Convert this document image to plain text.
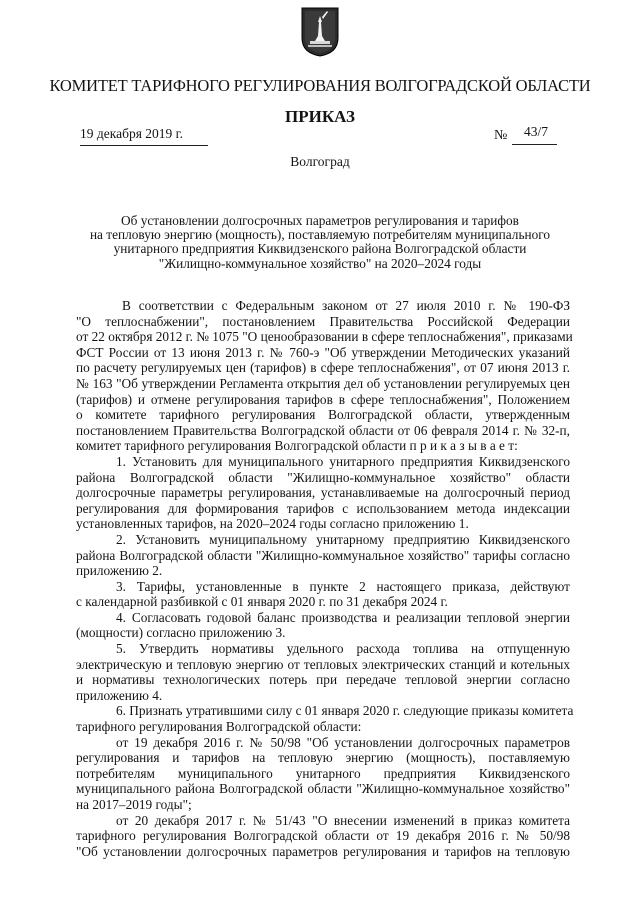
КОМИТЕТ ТАРИФНОГО РЕГУЛИРОВАНИЯ ВОЛГОГРАДСКОЙ ОБЛАСТИ
ПРИКАЗ
19 декабря 2019 г.	№ 43/7
Волгоград
Об установлении долгосрочных параметров регулирования и тарифов
на тепловую энергию (мощность), поставляемую потребителям муниципального
унитарного предприятия Киквидзенского района Волгоградской области
"Жилищно-коммунальное хозяйство" на 2020–2024 годы
В соответствии с Федеральным законом от 27 июля 2010 г. № 190-ФЗ
"О теплоснабжении", постановлением Правительства Российской Федерации
от 22 октября 2012 г. № 1075 "О ценообразовании в сфере теплоснабжения", приказами
ФСТ России от 13 июня 2013 г. № 760-э "Об утверждении Методических указаний
по расчету регулируемых цен (тарифов) в сфере теплоснабжения", от 07 июня 2013 г.
№ 163 "Об утверждении Регламента открытия дел об установлении регулируемых цен
(тарифов) и отмене регулирования тарифов в сфере теплоснабжения", Положением
о комитете тарифного регулирования Волгоградской области, утвержденным
постановлением Правительства Волгоградской области от 06 февраля 2014 г. № 32-п,
комитет тарифного регулирования Волгоградской области п р и к а з ы в а е т:
1. Установить для муниципального унитарного предприятия Киквидзенского
района Волгоградской области "Жилищно-коммунальное хозяйство" области
долгосрочные параметры регулирования, устанавливаемые на долгосрочный период
регулирования для формирования тарифов с использованием метода индексации
установленных тарифов, на 2020–2024 годы согласно приложению 1.
2. Установить муниципальному унитарному предприятию Киквидзенского
района Волгоградской области "Жилищно-коммунальное хозяйство" тарифы согласно
приложению 2.
3. Тарифы, установленные в пункте 2 настоящего приказа, действуют
с календарной разбивкой с 01 января 2020 г. по 31 декабря 2024 г.
4. Согласовать годовой баланс производства и реализации тепловой энергии
(мощности) согласно приложению 3.
5. Утвердить нормативы удельного расхода топлива на отпущенную
электрическую и тепловую энергию от тепловых электрических станций и котельных
и нормативы технологических потерь при передаче тепловой энергии согласно
приложению 4.
6. Признать утратившими силу с 01 января 2020 г. следующие приказы комитета
тарифного регулирования Волгоградской области:
от 19 декабря 2016 г. № 50/98 "Об установлении долгосрочных параметров
регулирования и тарифов на тепловую энергию (мощность), поставляемую
потребителям муниципального унитарного предприятия Киквидзенского
муниципального района Волгоградской области "Жилищно-коммунальное хозяйство"
на 2017–2019 годы";
от 20 декабря 2017 г. № 51/43 "О внесении изменений в приказ комитета
тарифного регулирования Волгоградской области от 19 декабря 2016 г. № 50/98
"Об установлении долгосрочных параметров регулирования и тарифов на тепловую
